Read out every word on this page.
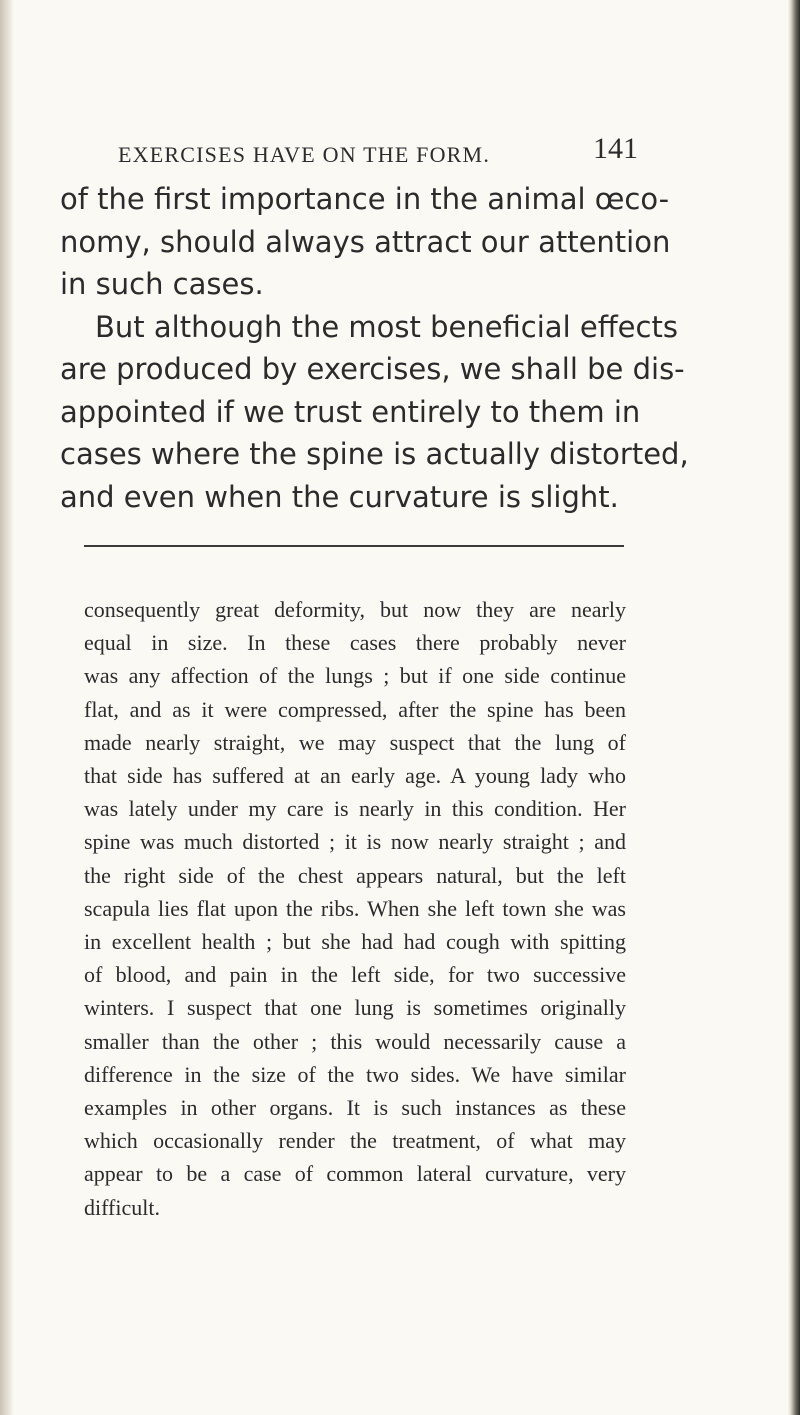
EXERCISES HAVE ON THE FORM.	141

of the first importance in the animal œco-
nomy, should always attract our attention
in such cases.

But although the most beneficial effects
are produced by exercises, we shall be dis-
appointed if we trust entirely to them in
cases where the spine is actually distorted,
and even when the curvature is slight.

consequently great deformity, but now they are nearly
equal in size. In these cases there probably never
was any affection of the lungs ; but if one side continue
flat, and as it were compressed, after the spine has been
made nearly straight, we may suspect that the lung of
that side has suffered at an early age. A young lady who
was lately under my care is nearly in this condition. Her
spine was much distorted ; it is now nearly straight ; and
the right side of the chest appears natural, but the left
scapula lies flat upon the ribs. When she left town she was
in excellent health ; but she had had cough with spitting
of blood, and pain in the left side, for two successive
winters. I suspect that one lung is sometimes originally
smaller than the other ; this would necessarily cause a
difference in the size of the two sides. We have similar
examples in other organs. It is such instances as these
which occasionally render the treatment, of what may
appear to be a case of common lateral curvature, very
difficult.
